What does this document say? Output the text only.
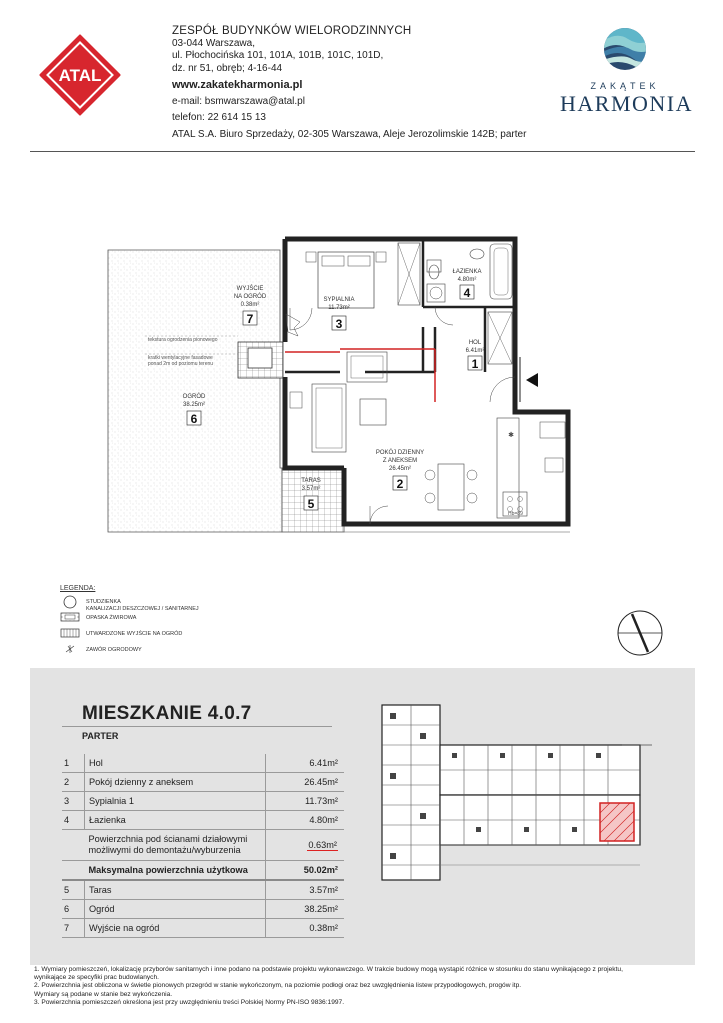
ATAL
ZESPÓŁ BUDYNKÓW WIELORODZINNYCH
03-044 Warszawa,
ul. Płochocińska 101, 101A, 101B, 101C, 101D,
dz. nr 51, obręb; 4-16-44
www.zakatekharmonia.pl
e-mail: bsmwarszawa@atal.pl
telefon: 22 614 15 13
ATAL S.A. Biuro Sprzedaży, 02-305 Warszawa, Aleje Jerozolimskie 142B; parter
ZAKĄTEK
HARMONIA
✱
tekstura ogrodzenia pionowego
kratki wentylacyjne fasadowe
ponad 2m od poziomu terenu
Hb=89
WYJŚCIE
NA OGRÓD
0.38m²
7
SYPIALNIA
11.73m²
3
ŁAZIENKA
4.80m²
4
HOL
6.41m²
1
OGRÓD
38.25m²
6
POKÓJ DZIENNY
Z ANEKSEM
26.45m²
2
TARAS
3.57m²
5
LEGENDA:
STUDZIENKA
KANALIZACJI DESZCZOWEJ / SANITARNEJ
OPASKA ŻWIROWA
UTWARDZONE WYJŚCIE NA OGRÓD
ZAWÓR OGRODOWY
MIESZKANIE 4.0.7
PARTER
1	Hol	6.41m²
2	Pokój dzienny z aneksem	26.45m²
3	Sypialnia 1	11.73m²
4	Łazienka	4.80m²

	Powierzchnia pod ścianami działowymi
możliwymi do demontażu/wyburzenia	0.63m²
	Maksymalna powierzchnia użytkowa	50.02m²
5	Taras	3.57m²
6	Ogród	38.25m²
7	Wyjście na ogród	0.38m²
1. Wymiary pomieszczeń, lokalizację przyborów sanitarnych i inne podano na podstawie projektu wykonawczego. W trakcie budowy mogą wystąpić różnice w stosunku do stanu wynikającego z projektu,
wynikające ze specyfiki prac budowlanych.
2. Powierzchnia jest obliczona w świetle pionowych przegród w stanie wykończonym, na poziomie podłogi oraz bez uwzględnienia listew przypodłogowych, progów itp.
Wymiary są podane w stanie bez wykończenia.
3. Powierzchnia pomieszczeń określona jest przy uwzględnieniu treści Polskiej Normy PN-ISO 9836:1997.
